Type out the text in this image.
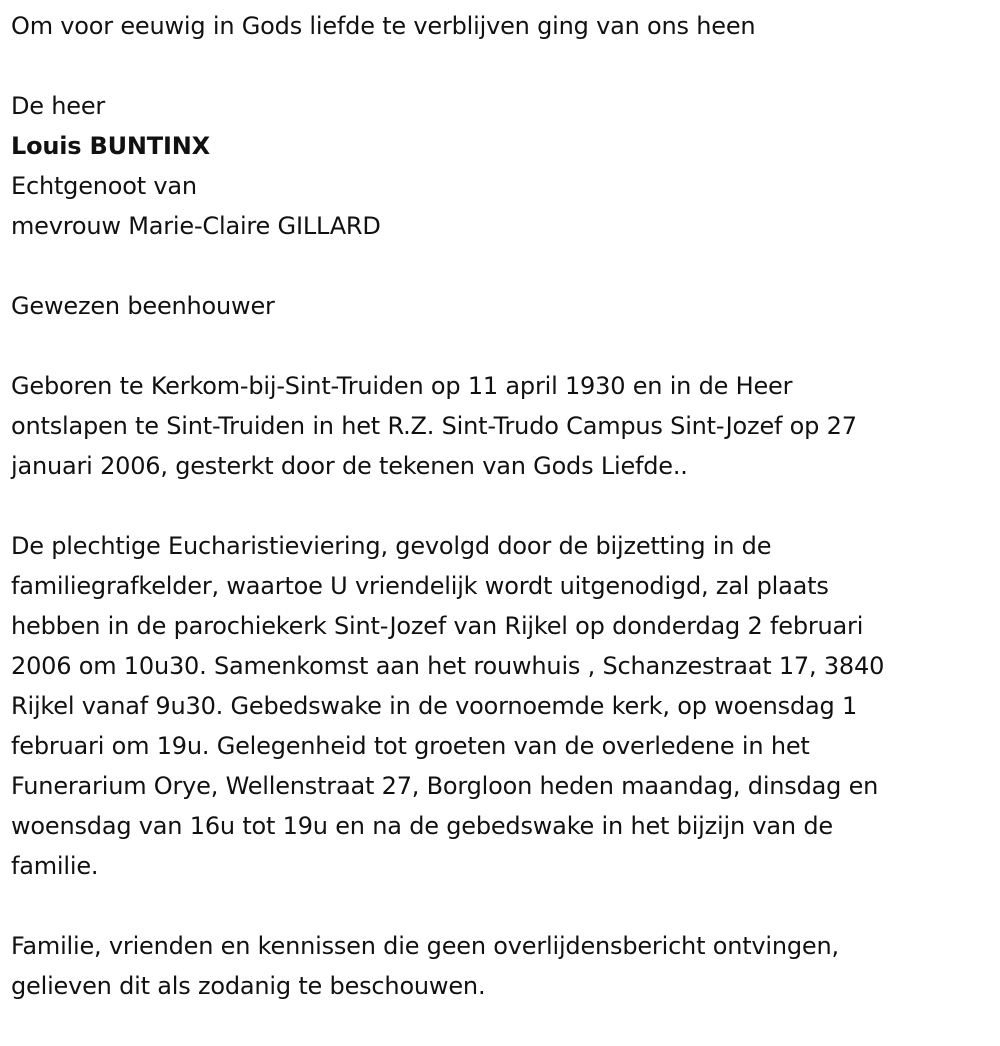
Om voor eeuwig in Gods liefde te verblijven ging van ons heen
De heer
Louis BUNTINX
Echtgenoot van
mevrouw Marie-Claire GILLARD
Gewezen beenhouwer
Geboren te Kerkom-bij-Sint-Truiden op 11 april 1930 en in de Heer
ontslapen te Sint-Truiden in het R.Z. Sint-Trudo Campus Sint-Jozef op 27
januari 2006, gesterkt door de tekenen van Gods Liefde..
De plechtige Eucharistieviering, gevolgd door de bijzetting in de
familiegrafkelder, waartoe U vriendelijk wordt uitgenodigd, zal plaats
hebben in de parochiekerk Sint-Jozef van Rijkel op donderdag 2 februari
2006 om 10u30. Samenkomst aan het rouwhuis , Schanzestraat 17, 3840
Rijkel vanaf 9u30. Gebedswake in de voornoemde kerk, op woensdag 1
februari om 19u. Gelegenheid tot groeten van de overledene in het
Funerarium Orye, Wellenstraat 27, Borgloon heden maandag, dinsdag en
woensdag van 16u tot 19u en na de gebedswake in het bijzijn van de
familie.
Familie, vrienden en kennissen die geen overlijdensbericht ontvingen,
gelieven dit als zodanig te beschouwen.
